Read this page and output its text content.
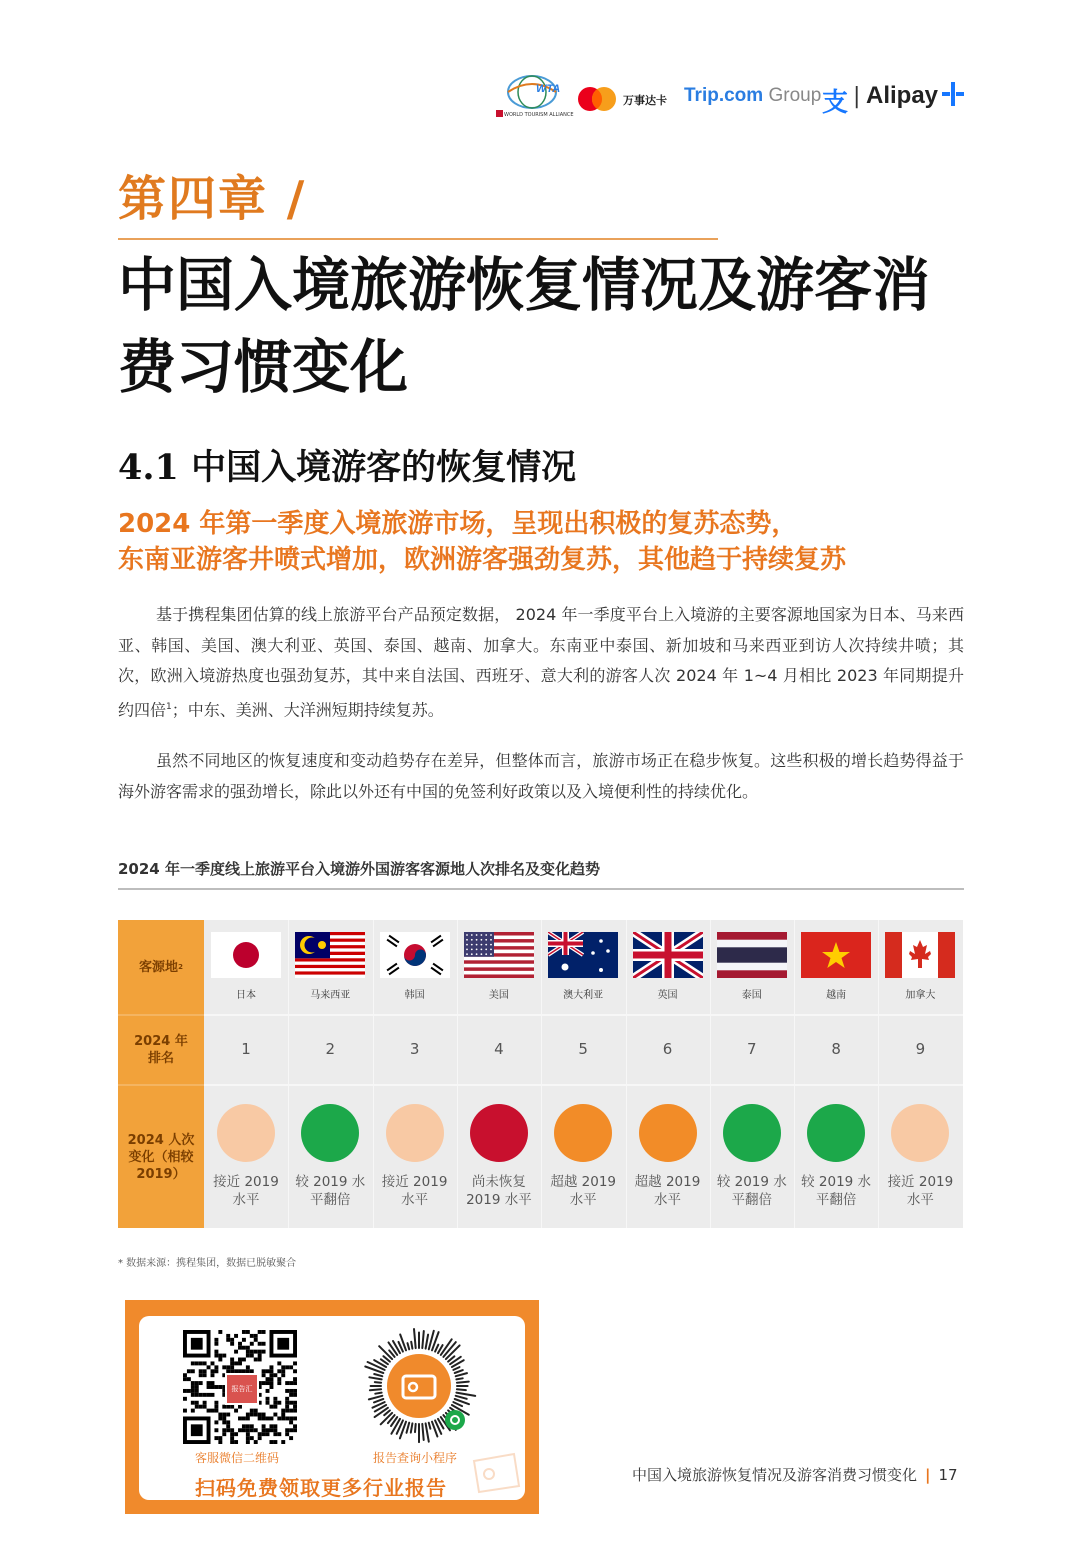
WTA
WORLD TOURISM ALLIANCE
万事达卡 Trip.com Group 支 | Alipay
第四章 /
中国入境旅游恢复情况及游客消费习惯变化
4.1 中国入境游客的恢复情况
2024 年第一季度入境旅游市场，呈现出积极的复苏态势，
东南亚游客井喷式增加，欧洲游客强劲复苏，其他趋于持续复苏
基于携程集团估算的线上旅游平台产品预定数据， 2024 年一季度平台上入境游的主要客源地国家为日本、马来西亚、韩国、美国、澳大利亚、英国、泰国、越南、加拿大。东南亚中泰国、新加坡和马来西亚到访人次持续井喷；其次，欧洲入境游热度也强劲复苏，其中来自法国、西班牙、意大利的游客人次 2024 年 1~4 月相比 2023 年同期提升约四倍$^1$；中东、美洲、大洋洲短期持续复苏。
虽然不同地区的恢复速度和变动趋势存在差异，但整体而言，旅游市场正在稳步恢复。这些积极的增长趋势得益于海外游客需求的强劲增长，除此以外还有中国的免签利好政策以及入境便利性的持续优化。
2024 年一季度线上旅游平台入境游外国游客客源地人次排名及变化趋势
客源地 2
2024 年排名
2024 人次变化（相较 2019）
日本
1
接近 2019 水平
马来西亚
2
较 2019 水平翻倍
韩国
3
接近 2019 水平
美国
4
尚未恢复 2019 水平
澳大利亚
5
超越 2019 水平
英国
6
超越 2019 水平
泰国
7
较 2019 水平翻倍
越南
8
较 2019 水平翻倍
加拿大
9
接近 2019 水平
* 数据来源：携程集团，数据已脱敏聚合
报告汇
客服微信二维码	报告查询小程序
扫码免费领取更多行业报告
中国入境旅游恢复情况及游客消费习惯变化 | 17
